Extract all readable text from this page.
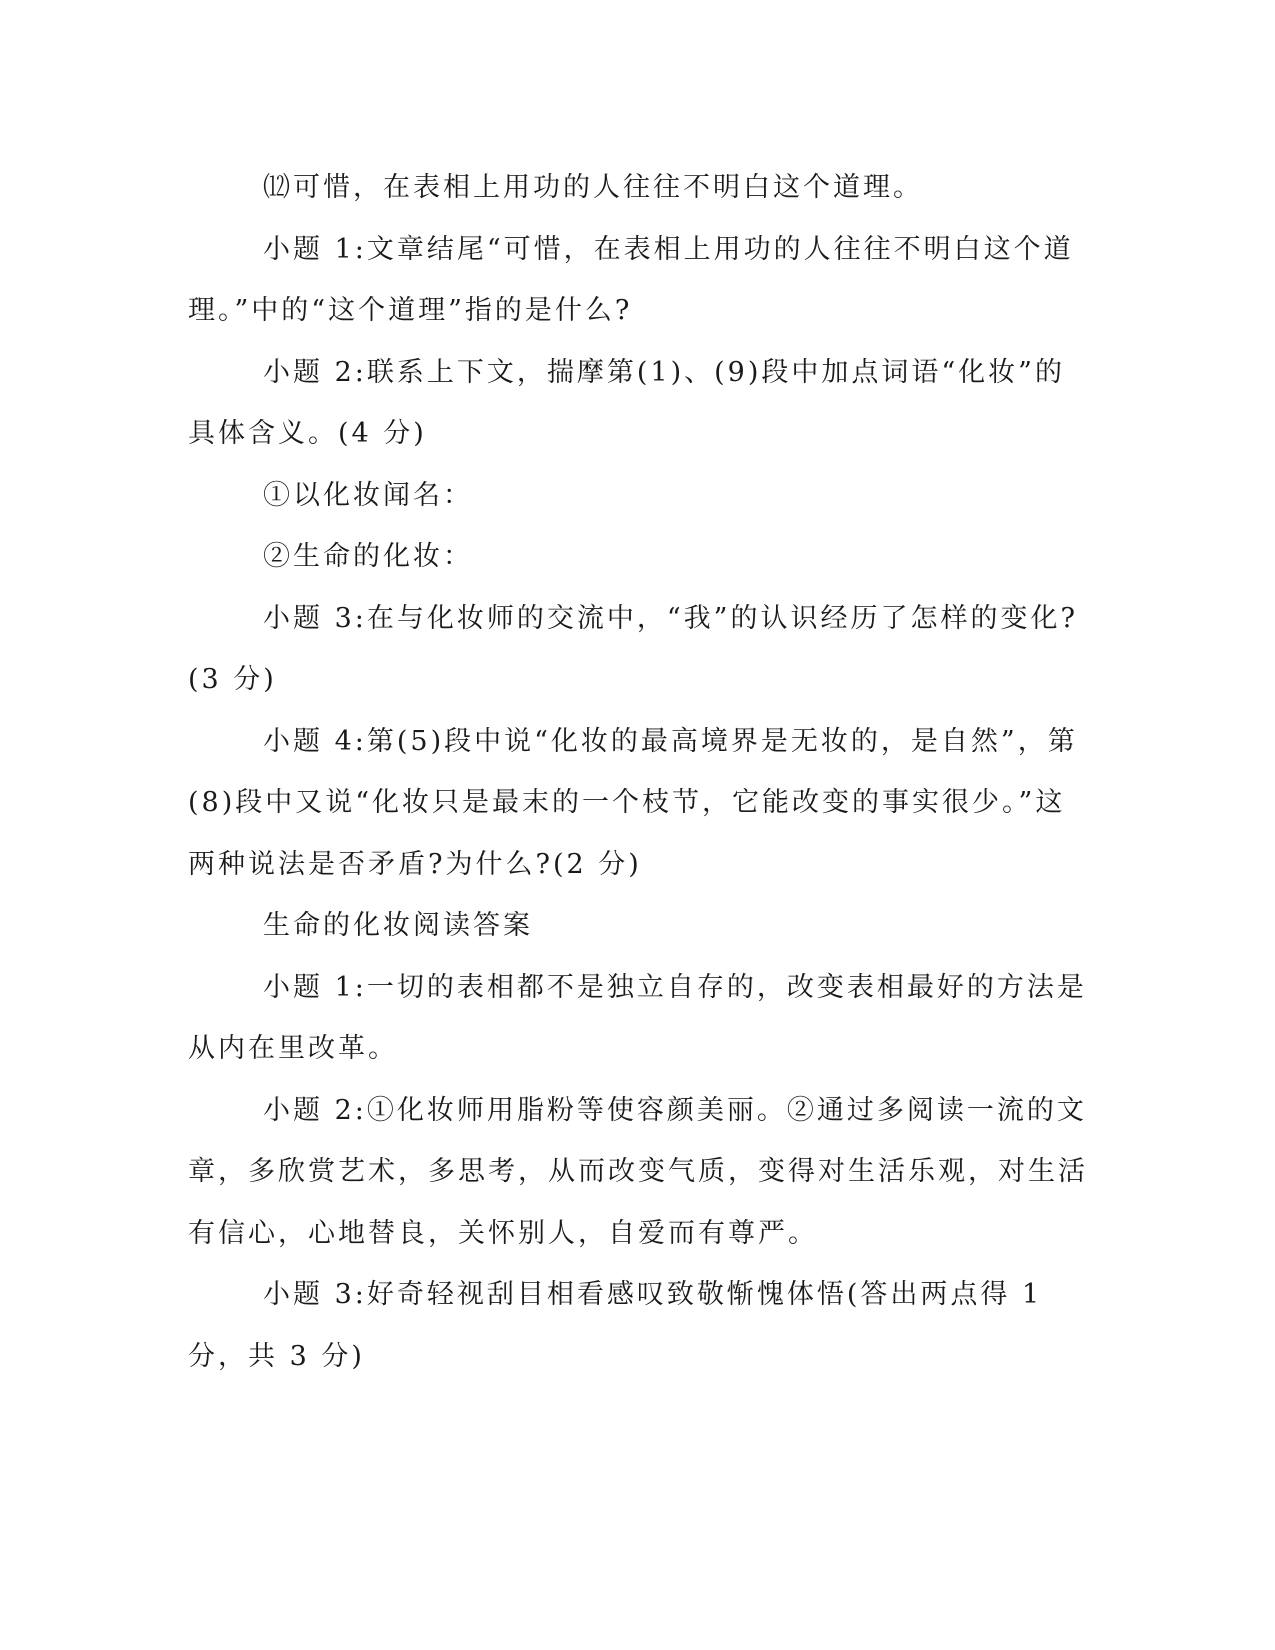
⑿可惜，在表相上用功的人往往不明白这个道理。

小题 1:文章结尾“可惜，在表相上用功的人往往不明白这个道理。”中的“这个道理”指的是什么?

小题 2:联系上下文，揣摩第(1)、(9)段中加点词语“化妆”的具体含义。(4 分)

①以化妆闻名：

②生命的化妆：

小题 3:在与化妆师的交流中，“我”的认识经历了怎样的变化?(3 分)

小题 4:第(5)段中说“化妆的最高境界是无妆的，是自然”，第(8)段中又说“化妆只是最末的一个枝节，它能改变的事实很少。”这两种说法是否矛盾?为什么?(2 分)

生命的化妆阅读答案

小题 1:一切的表相都不是独立自存的，改变表相最好的方法是从内在里改革。

小题 2:①化妆师用脂粉等使容颜美丽。②通过多阅读一流的文章，多欣赏艺术，多思考，从而改变气质，变得对生活乐观，对生活有信心，心地替良，关怀别人，自爱而有尊严。

小题 3:好奇轻视刮目相看感叹致敬惭愧体悟(答出两点得 1 分，共 3 分)
